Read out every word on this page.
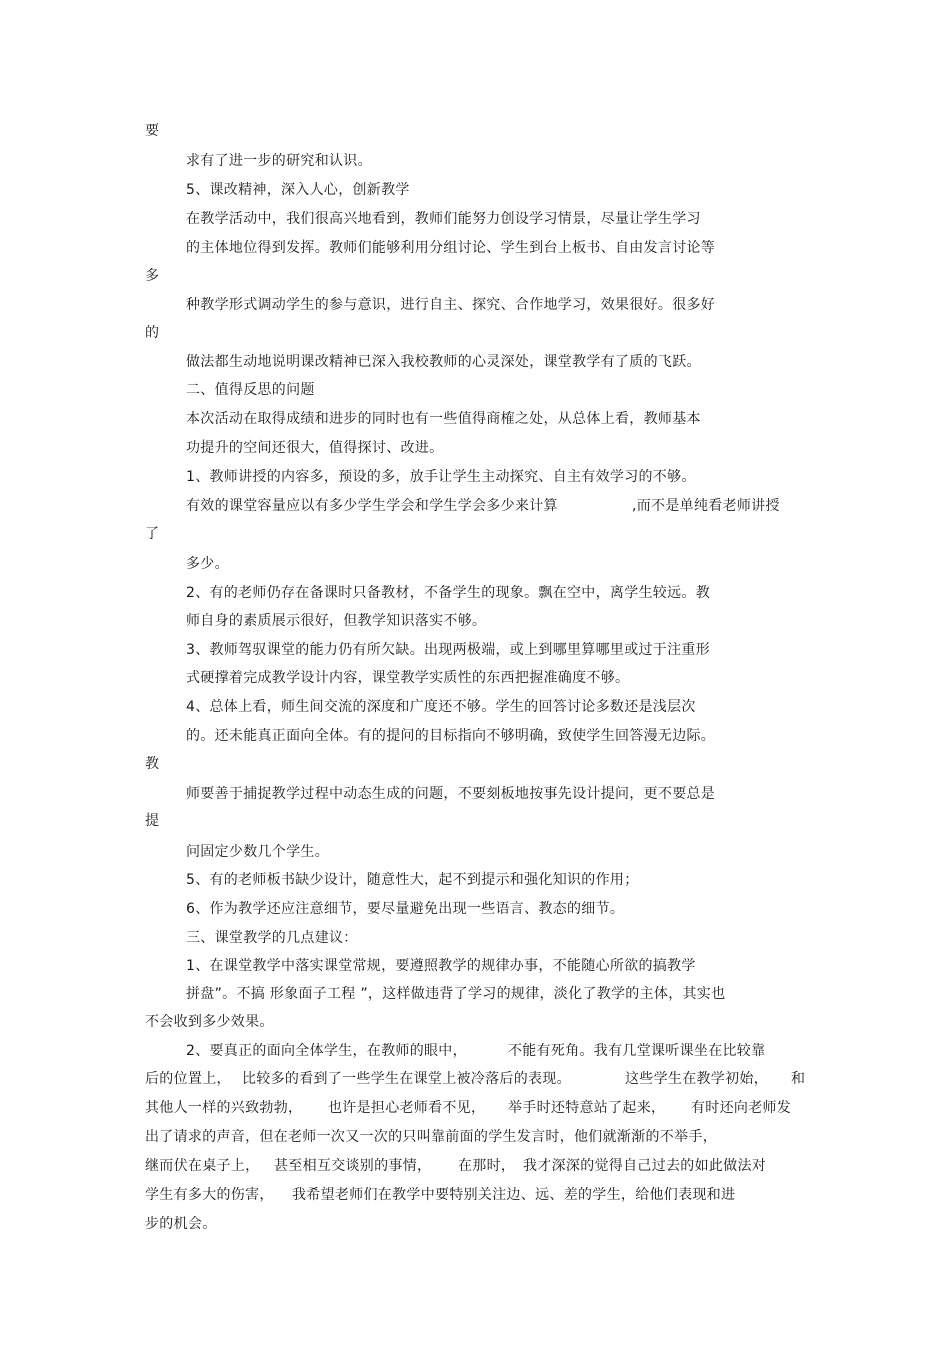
要
求有了进一步的研究和认识。
5、课改精神，深入人心，创新教学
在教学活动中，我们很高兴地看到，教师们能努力创设学习情景，尽量让学生学习
的主体地位得到发挥。教师们能够利用分组讨论、学生到台上板书、自由发言讨论等
多
种教学形式调动学生的参与意识，进行自主、探究、合作地学习，效果很好。很多好
的
做法都生动地说明课改精神已深入我校教师的心灵深处，课堂教学有了质的飞跃。
二、值得反思的问题
本次活动在取得成绩和进步的同时也有一些值得商榷之处，从总体上看，教师基本
功提升的空间还很大，值得探讨、改进。
1、教师讲授的内容多，预设的多，放手让学生主动探究、自主有效学习的不够。
有效的课堂容量应以有多少学生学会和学生学会多少来计算	,而不是单纯看老师讲授
了
多少。
2、有的老师仍存在备课时只备教材，不备学生的现象。飘在空中，离学生较远。教
师自身的素质展示很好，但教学知识落实不够。
3、教师驾驭课堂的能力仍有所欠缺。出现两极端，或上到哪里算哪里或过于注重形
式硬撑着完成教学设计内容，课堂教学实质性的东西把握准确度不够。
4、总体上看，师生间交流的深度和广度还不够。学生的回答讨论多数还是浅层次
的。还未能真正面向全体。有的提问的目标指向不够明确，致使学生回答漫无边际。
教
师要善于捕捉教学过程中动态生成的问题，不要刻板地按事先设计提问，更不要总是
提
问固定少数几个学生。
5、有的老师板书缺少设计，随意性大，起不到提示和强化知识的作用；
6、作为教学还应注意细节，要尽量避免出现一些语言、教态的细节。
三、课堂教学的几点建议：
1、在课堂教学中落实课堂常规，要遵照教学的规律办事，不能随心所欲的搞教学
拼盘”。不搞 形象面子工程 ”，这样做违背了学习的规律，淡化了教学的主体，其实也
不会收到多少效果。
2、要真正的面向全体学生，在教师的眼中，	不能有死角。我有几堂课听课坐在比较靠
后的位置上， 比较多的看到了一些学生在课堂上被冷落后的表现。	这些学生在教学初始， 和
其他人一样的兴致勃勃， 也许是担心老师看不见， 举手时还特意站了起来， 有时还向老师发
出了请求的声音，但在老师一次又一次的只叫靠前面的学生发言时，他们就渐渐的不举手，
继而伏在桌子上， 甚至相互交谈别的事情， 在那时， 我才深深的觉得自己过去的如此做法对
学生有多大的伤害， 我希望老师们在教学中要特别关注边、远、差的学生，给他们表现和进
步的机会。
